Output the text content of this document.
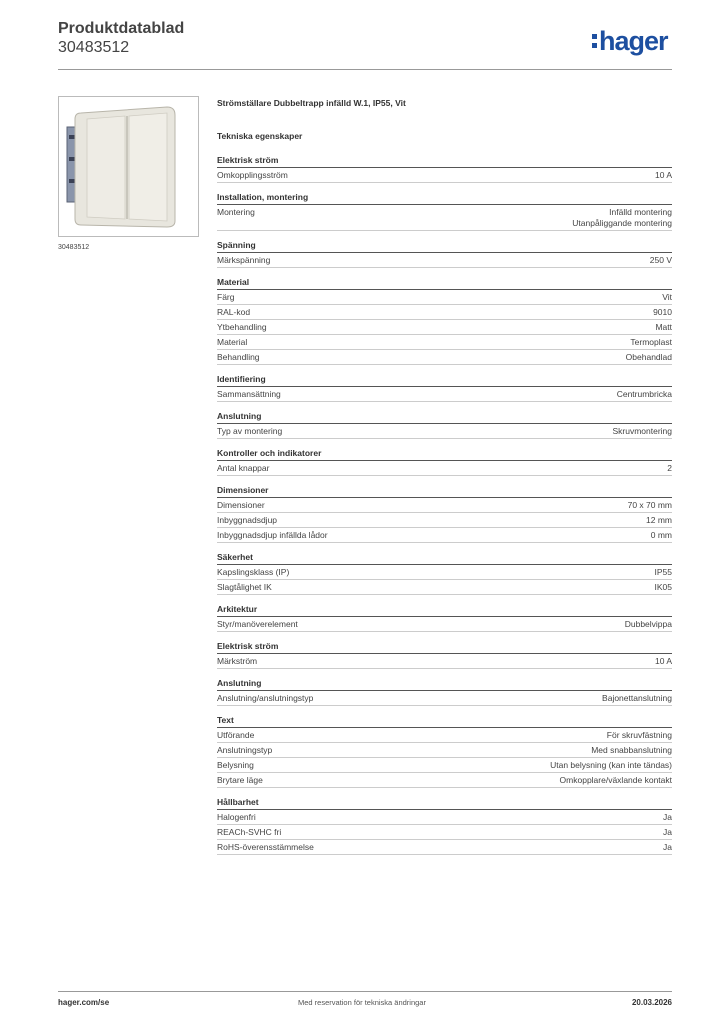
Produktdatablad
30483512	hager
30483512
Strömställare Dubbeltrapp infälld W.1, IP55, Vit
Tekniska egenskaper
Elektrisk ström
Omkopplingsström	10 A
Installation, montering
Montering	Infälld montering
Utanpåliggande montering
Spänning
Märkspänning	250 V
Material
Färg	Vit
RAL-kod	9010
Ytbehandling	Matt
Material	Termoplast
Behandling	Obehandlad
Identifiering
Sammansättning	Centrumbricka
Anslutning
Typ av montering	Skruvmontering
Kontroller och indikatorer
Antal knappar	2
Dimensioner
Dimensioner	70 x 70 mm
Inbyggnadsdjup	12 mm
Inbyggnadsdjup infällda lådor	0 mm
Säkerhet
Kapslingsklass (IP)	IP55
Slagtålighet IK	IK05
Arkitektur
Styr/manöverelement	Dubbelvippa
Elektrisk ström
Märkström	10 A
Anslutning
Anslutning/anslutningstyp	Bajonettanslutning
Text
Utförande	För skruvfästning
Anslutningstyp	Med snabbanslutning
Belysning	Utan belysning (kan inte tändas)
Brytare läge	Omkopplare/växlande kontakt
Hållbarhet
Halogenfri	Ja
REACh-SVHC fri	Ja
RoHS-överensstämmelse	Ja
hager.com/se	Med reservation för tekniska ändringar	20.03.2026
